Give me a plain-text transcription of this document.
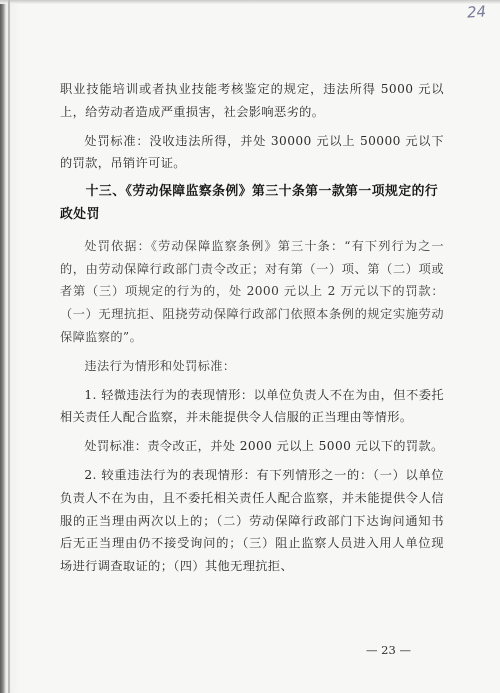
24

职业技能培训或者执业技能考核鉴定的规定，违法所得 5000 元以上，给劳动者造成严重损害，社会影响恶劣的。

处罚标准：没收违法所得，并处 30000 元以上 50000 元以下的罚款，吊销许可证。

十三、《劳动保障监察条例》第三十条第一款第一项规定的行政处罚

处罚依据：《劳动保障监察条例》第三十条：“有下列行为之一的，由劳动保障行政部门责令改正；对有第（一）项、第（二）项或者第（三）项规定的行为的，处 2000 元以上 2 万元以下的罚款：（一）无理抗拒、阻挠劳动保障行政部门依照本条例的规定实施劳动保障监察的”。

违法行为情形和处罚标准：

1. 轻微违法行为的表现情形：以单位负责人不在为由，但不委托相关责任人配合监察，并未能提供令人信服的正当理由等情形。

处罚标准：责令改正，并处 2000 元以上 5000 元以下的罚款。

2. 较重违法行为的表现情形：有下列情形之一的：（一）以单位负责人不在为由，且不委托相关责任人配合监察，并未能提供令人信服的正当理由两次以上的；（二）劳动保障行政部门下达询问通知书后无正当理由仍不接受询问的；（三）阻止监察人员进入用人单位现场进行调查取证的；（四）其他无理抗拒、

— 23 —
